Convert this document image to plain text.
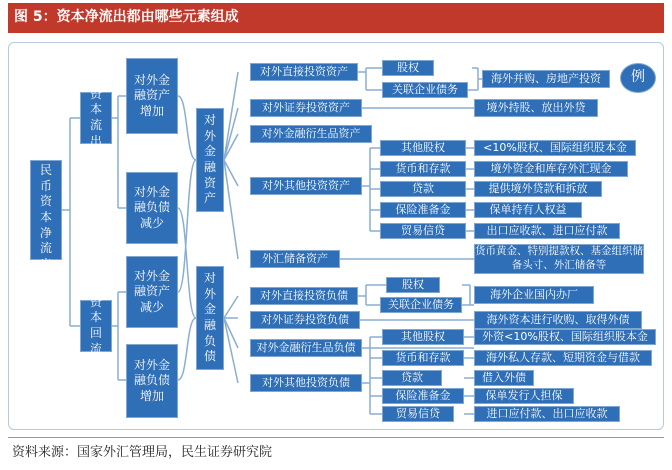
图 5：资本净流出都由哪些元素组成
人民币资本净流出
资本流出
资本回流
对外金融资产增加
对外金融负债减少
对外金融资产减少
对外金融负债增加
对外金融资产
对外金融负债
对外直接投资资产
对外证券投资资产
对外金融衍生品资产
对外其他投资资产
外汇储备资产
股权
关联企业债务
其他股权
货币和存款
贷款
保险准备金
贸易信贷
海外并购、房地产投资	例
境外持股、放出外贷
<10%股权、国际组织股本金
境外资金和库存外汇现金
提供境外贷款和拆放
保单持有人权益
出口应收款、进口应付款
货币黄金、特别提款权、基金组织储备头寸、外汇储备等
对外直接投资负债
对外证券投资负债
对外金融衍生品负债
对外其他投资负债
股权
关联企业债务
其他股权
货币和存款
贷款
保险准备金
贸易信贷
海外企业国内办厂
海外资本进行收购、取得外债
外资<10%股权、国际组织股本金
海外私人存款、短期资金与借款
借入外债
保单发行人担保
进口应付款、出口应收款
资料来源：国家外汇管理局，民生证券研究院
